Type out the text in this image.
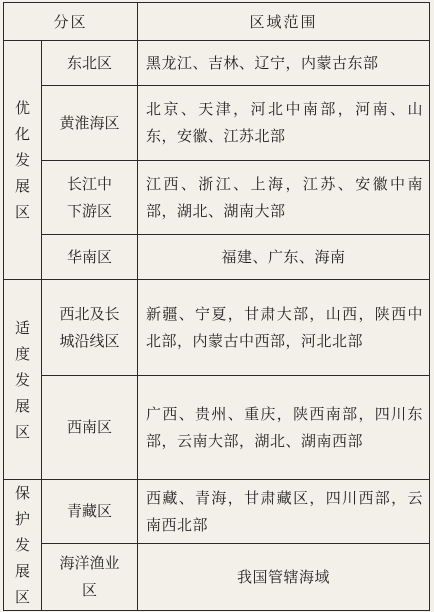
分区		区域范围
优化发展区	东北区	黑龙江、吉林、辽宁，内蒙古东部
	黄淮海区	北京、天津，河北中南部，河南、山东，安徽、江苏北部
	长江中下游区	江西、浙江、上海，江苏、安徽中南部，湖北、湖南大部
	华南区	福建、广东、海南
适度发展区	西北及长城沿线区	新疆、宁夏，甘肃大部，山西，陕西中北部，内蒙古中西部，河北北部
	西南区	广西、贵州、重庆，陕西南部，四川东部，云南大部，湖北、湖南西部
保护发展区	青藏区	西藏、青海，甘肃藏区，四川西部，云南西北部
	海洋渔业区	我国管辖海域
